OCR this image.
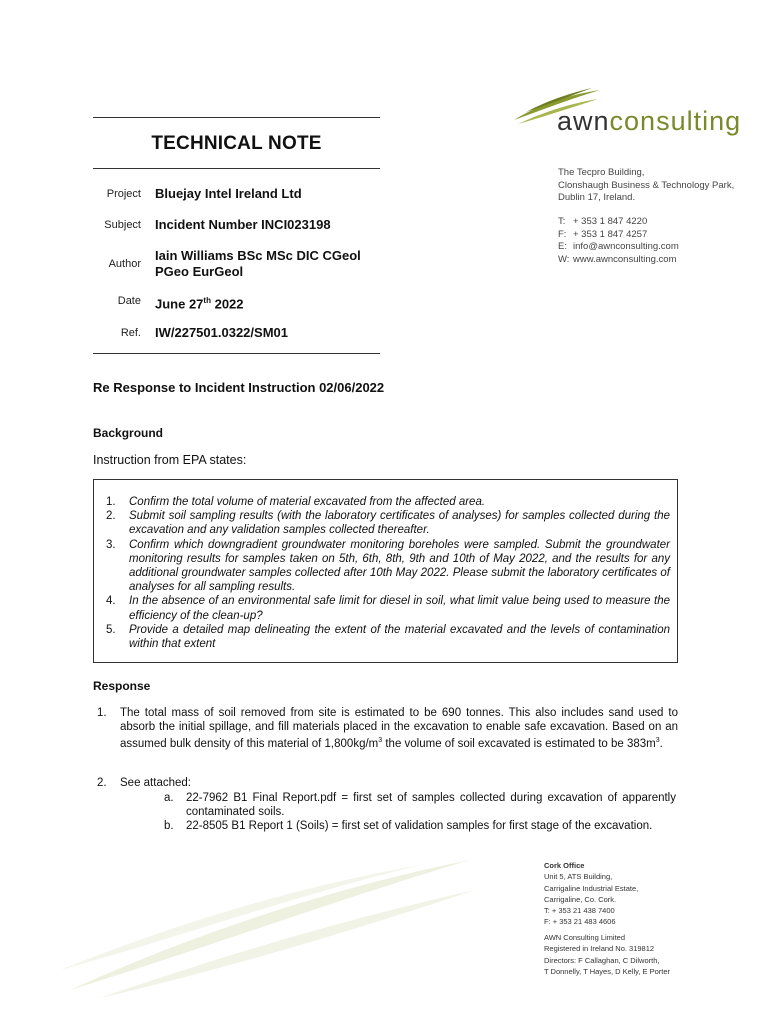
awnconsulting
The Tecpro Building,
Clonshaugh Business & Technology Park,
Dublin 17, Ireland.
T: + 353 1 847 4220
F: + 353 1 847 4257
E: info@awnconsulting.com
W: www.awnconsulting.com
TECHNICAL NOTE
Project Bluejay Intel Ireland Ltd
Subject Incident Number INCI023198
Author
Iain Williams BSc MSc DIC CGeol
PGeo EurGeol
Date June 27th 2022
Ref. IW/227501.0322/SM01
Re Response to Incident Instruction 02/06/2022
Background
Instruction from EPA states:
1. Confirm the total volume of material excavated from the affected area.
2. Submit soil sampling results (with the laboratory certificates of analyses) for samples collected during the excavation and any validation samples collected thereafter.
3. Confirm which downgradient groundwater monitoring boreholes were sampled. Submit the groundwater monitoring results for samples taken on 5th, 6th, 8th, 9th and 10th of May 2022, and the results for any additional groundwater samples collected after 10th May 2022. Please submit the laboratory certificates of analyses for all sampling results.
4. In the absence of an environmental safe limit for diesel in soil, what limit value being used to measure the efficiency of the clean-up?
5. Provide a detailed map delineating the extent of the material excavated and the levels of contamination within that extent
Response
1.	The total mass of soil removed from site is estimated to be 690 tonnes. This also includes sand used to absorb the initial spillage, and fill materials placed in the excavation to enable safe excavation. Based on an assumed bulk density of this material of $1,800kg/m^3$ the volume of soil excavated is estimated to be $383m^3$.
2.	See attached:
a.	22-7962 B1 Final Report.pdf = first set of samples collected during excavation of apparently contaminated soils.
b.	22-8505 B1 Report 1 (Soils) = first set of validation samples for first stage of the excavation.
Cork Office
Unit 5, ATS Building,
Carrigaline Industrial Estate,
Carrigaline, Co. Cork.
T: + 353 21 438 7400
F: + 353 21 483 4606
AWN Consulting Limited
Registered in Ireland No. 319812
Directors: F Callaghan, C Dilworth,
T Donnelly, T Hayes, D Kelly, E Porter
